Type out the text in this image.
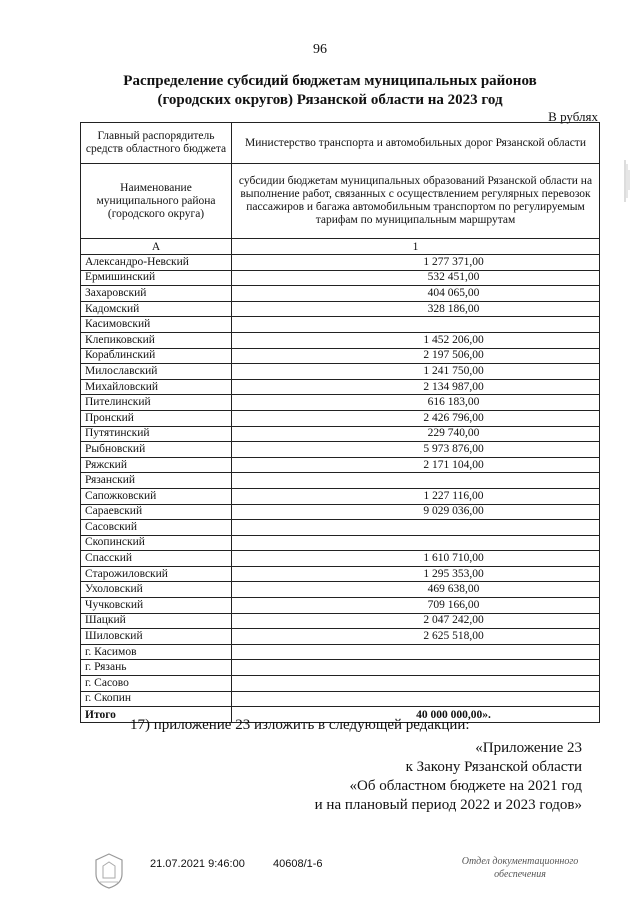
96
Распределение субсидий бюджетам муниципальных районов
(городских округов) Рязанской области на 2023 год
В рублях
Главный распорядитель средств областного бюджета	Министерство транспорта и автомобильных дорог Рязанской области
Наименование муниципального района (городского округа)	субсидии бюджетам муниципальных образований Рязанской области на выполнение работ, связанных с осуществлением регулярных перевозок пассажиров и багажа автомобильным транспортом по регулируемым тарифам по муниципальным маршрутам
А	1
Александро-Невский	1 277 371,00
Ермишинский	532 451,00
Захаровский	404 065,00
Кадомский	328 186,00
Касимовский	
Клепиковский	1 452 206,00
Кораблинский	2 197 506,00
Милославский	1 241 750,00
Михайловский	2 134 987,00
Пителинский	616 183,00
Пронский	2 426 796,00
Путятинский	229 740,00
Рыбновский	5 973 876,00
Ряжский	2 171 104,00
Рязанский	
Сапожковский	1 227 116,00
Сараевский	9 029 036,00
Сасовский	
Скопинский	
Спасский	1 610 710,00
Старожиловский	1 295 353,00
Ухоловский	469 638,00
Чучковский	709 166,00
Шацкий	2 047 242,00
Шиловский	2 625 518,00
г. Касимов	
г. Рязань	
г. Сасово	
г. Скопин	
Итого	40 000 000,00».
17) приложение 23 изложить в следующей редакции:
«Приложение 23
к Закону Рязанской области
«Об областном бюджете на 2021 год
и на плановый период 2022 и 2023 годов»
21.07.2021 9:46:00	40608/1-6	Отдел документационного обеспечения
